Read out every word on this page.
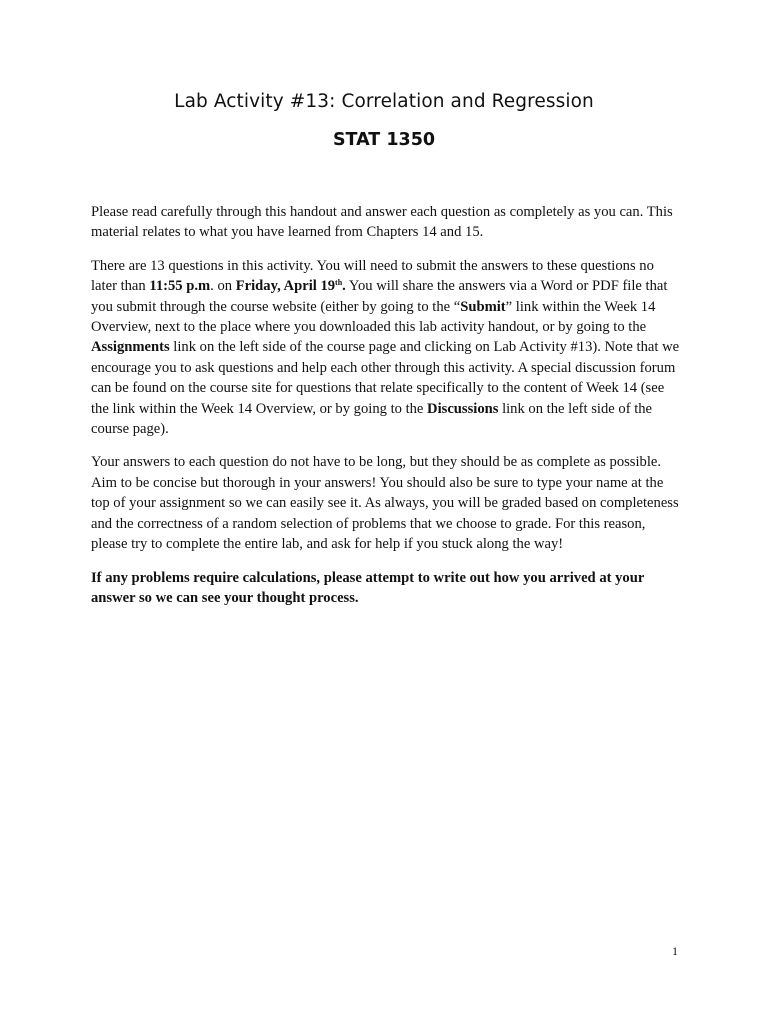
Lab Activity #13: Correlation and Regression
STAT 1350

Please read carefully through this handout and answer each question as completely as you can. This material relates to what you have learned from Chapters 14 and 15.

There are 13 questions in this activity. You will need to submit the answers to these questions no later than 11:55 p.m. on Friday, April 19th. You will share the answers via a Word or PDF file that you submit through the course website (either by going to the “Submit” link within the Week 14 Overview, next to the place where you downloaded this lab activity handout, or by going to the Assignments link on the left side of the course page and clicking on Lab Activity #13). Note that we encourage you to ask questions and help each other through this activity. A special discussion forum can be found on the course site for questions that relate specifically to the content of Week 14 (see the link within the Week 14 Overview, or by going to the Discussions link on the left side of the course page).

Your answers to each question do not have to be long, but they should be as complete as possible. Aim to be concise but thorough in your answers! You should also be sure to type your name at the top of your assignment so we can easily see it. As always, you will be graded based on completeness and the correctness of a random selection of problems that we choose to grade. For this reason, please try to complete the entire lab, and ask for help if you stuck along the way!

If any problems require calculations, please attempt to write out how you arrived at your answer so we can see your thought process.

1
